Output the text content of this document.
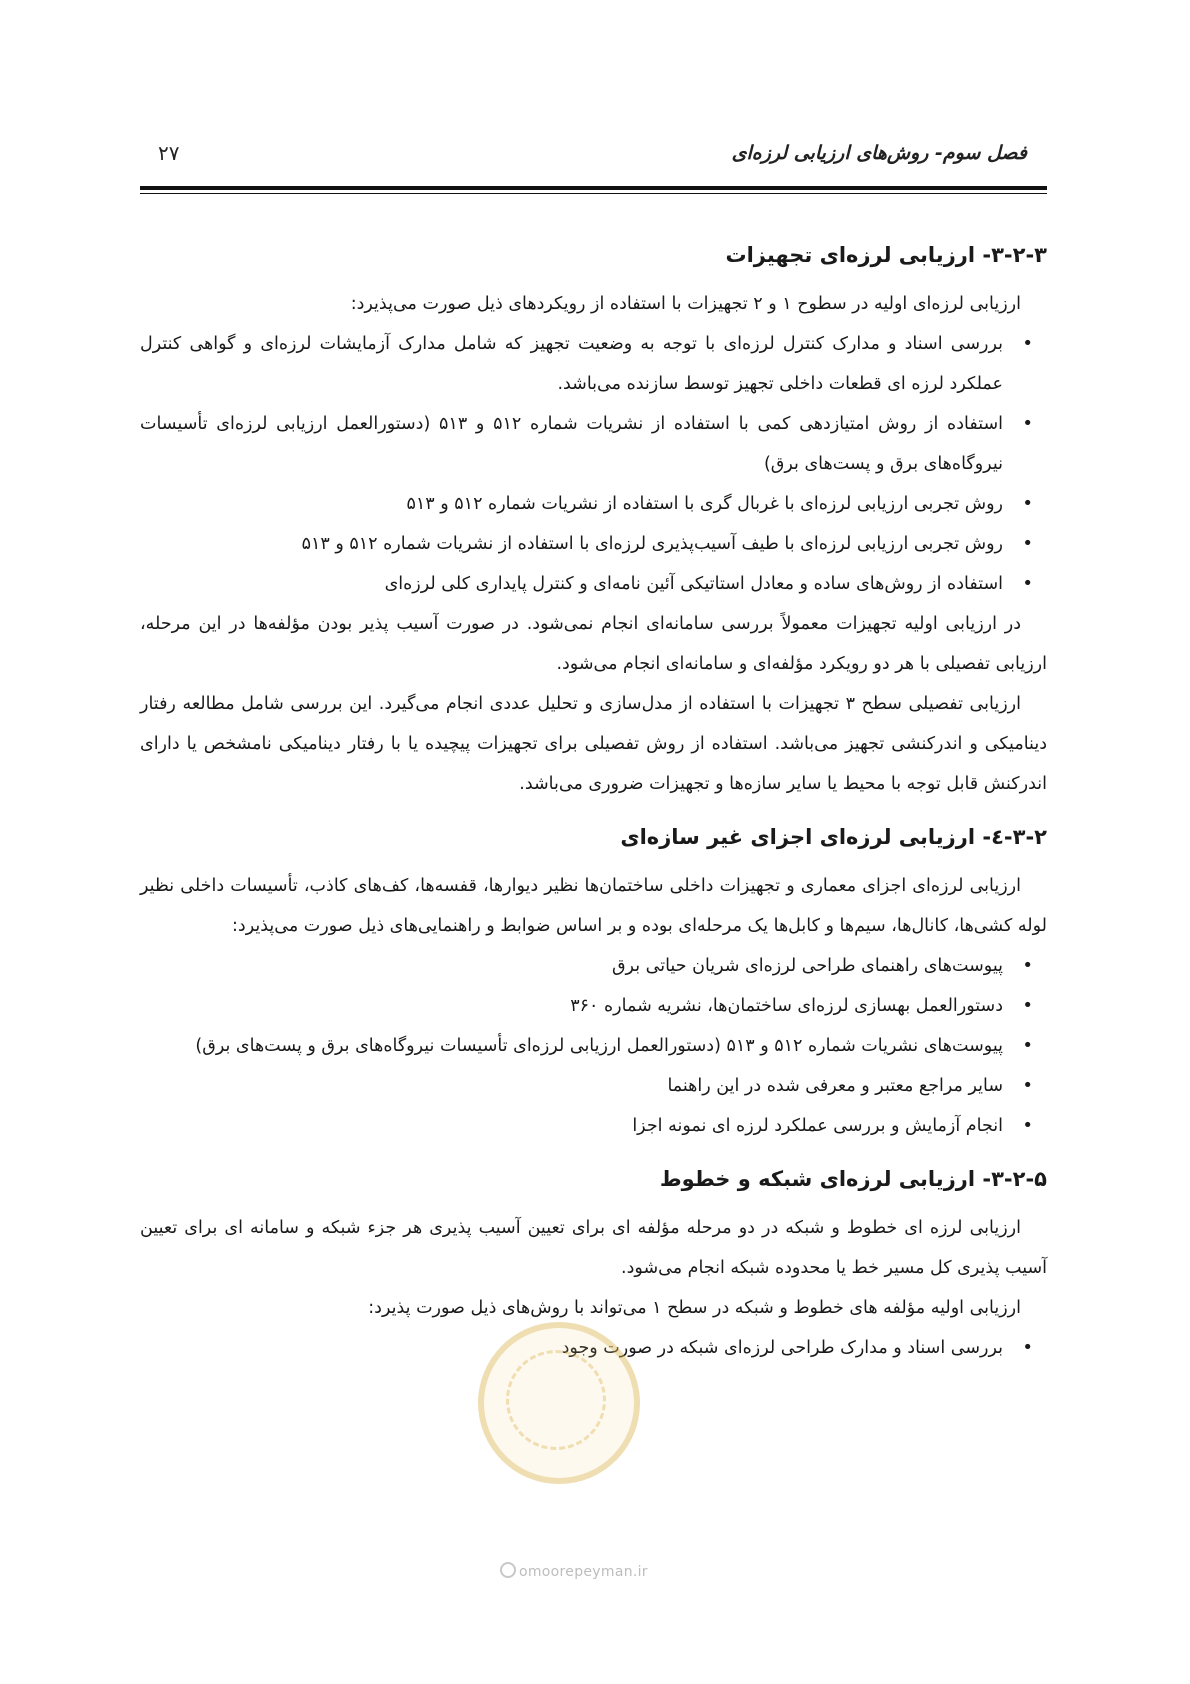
فصل سوم- روش‌های ارزیابی لرزه‌ای
۲۷
۳-۲-۳- ارزیابی لرزه‌ای تجهیزات

ارزیابی لرزه‌ای اولیه در سطوح ۱ و ۲ تجهیزات با استفاده از رویکردهای ذیل صورت می‌پذیرد:

• بررسی اسناد و مدارک کنترل لرزه‌ای با توجه به وضعیت تجهیز که شامل مدارک آزمایشات لرزه‌ای و گواهی کنترل عملکرد لرزه ای قطعات داخلی تجهیز توسط سازنده می‌باشد.
• استفاده از روش امتیازدهی کمی با استفاده از نشریات شماره ۵۱۲ و ۵۱۳ (دستورالعمل ارزیابی لرزه‌ای تأسیسات نیروگاه‌های برق و پست‌های برق)
• روش تجربی ارزیابی لرزه‌ای با غربال گری با استفاده از نشریات شماره ۵۱۲ و ۵۱۳
• روش تجربی ارزیابی لرزه‌ای با طیف آسیب‌پذیری لرزه‌ای با استفاده از نشریات شماره ۵۱۲ و ۵۱۳
• استفاده از روش‌های ساده و معادل استاتیکی آئین نامه‌ای و کنترل پایداری کلی لرزه‌ای

در ارزیابی اولیه تجهیزات معمولاً بررسی سامانه‌ای انجام نمی‌شود. در صورت آسیب پذیر بودن مؤلفه‌ها در این مرحله، ارزیابی تفصیلی با هر دو رویکرد مؤلفه‌ای و سامانه‌ای انجام می‌شود.

ارزیابی تفصیلی سطح ۳ تجهیزات با استفاده از مدل‌سازی و تحلیل عددی انجام می‌گیرد. این بررسی شامل مطالعه رفتار دینامیکی و اندرکنشی تجهیز می‌باشد. استفاده از روش تفصیلی برای تجهیزات پیچیده یا با رفتار دینامیکی نامشخص یا دارای اندرکنش قابل توجه با محیط یا سایر سازه‌ها و تجهیزات ضروری می‌باشد.

۳-۲-٤- ارزیابی لرزه‌ای اجزای غیر سازه‌ای

ارزیابی لرزه‌ای اجزای معماری و تجهیزات داخلی ساختمان‌ها نظیر دیوارها، قفسه‌ها، کف‌های کاذب، تأسیسات داخلی نظیر لوله کشی‌ها، کانال‌ها، سیم‌ها و کابل‌ها یک مرحله‌ای بوده و بر اساس ضوابط و راهنمایی‌های ذیل صورت می‌پذیرد:

• پیوست‌های راهنمای طراحی لرزه‌ای شریان حیاتی برق
• دستورالعمل بهسازی لرزه‌ای ساختمان‌ها، نشریه شماره ۳۶۰
• پیوست‌های نشریات شماره ۵۱۲ و ۵۱۳ (دستورالعمل ارزیابی لرزه‌ای تأسیسات نیروگاه‌های برق و پست‌های برق)
• سایر مراجع معتبر و معرفی شده در این راهنما
• انجام آزمایش و بررسی عملکرد لرزه ای نمونه اجزا
۳-۲-۵- ارزیابی لرزه‌ای شبکه و خطوط

ارزیابی لرزه ای خطوط و شبکه در دو مرحله مؤلفه ای برای تعیین آسیب پذیری هر جزء شبکه و سامانه ای برای تعیین آسیب پذیری کل مسیر خط یا محدوده شبکه انجام می‌شود.

ارزیابی اولیه مؤلفه های خطوط و شبکه در سطح ۱ می‌تواند با روش‌های ذیل صورت پذیرد:

• بررسی اسناد و مدارک طراحی لرزه‌ای شبکه در صورت وجود
omoorepeyman.ir
